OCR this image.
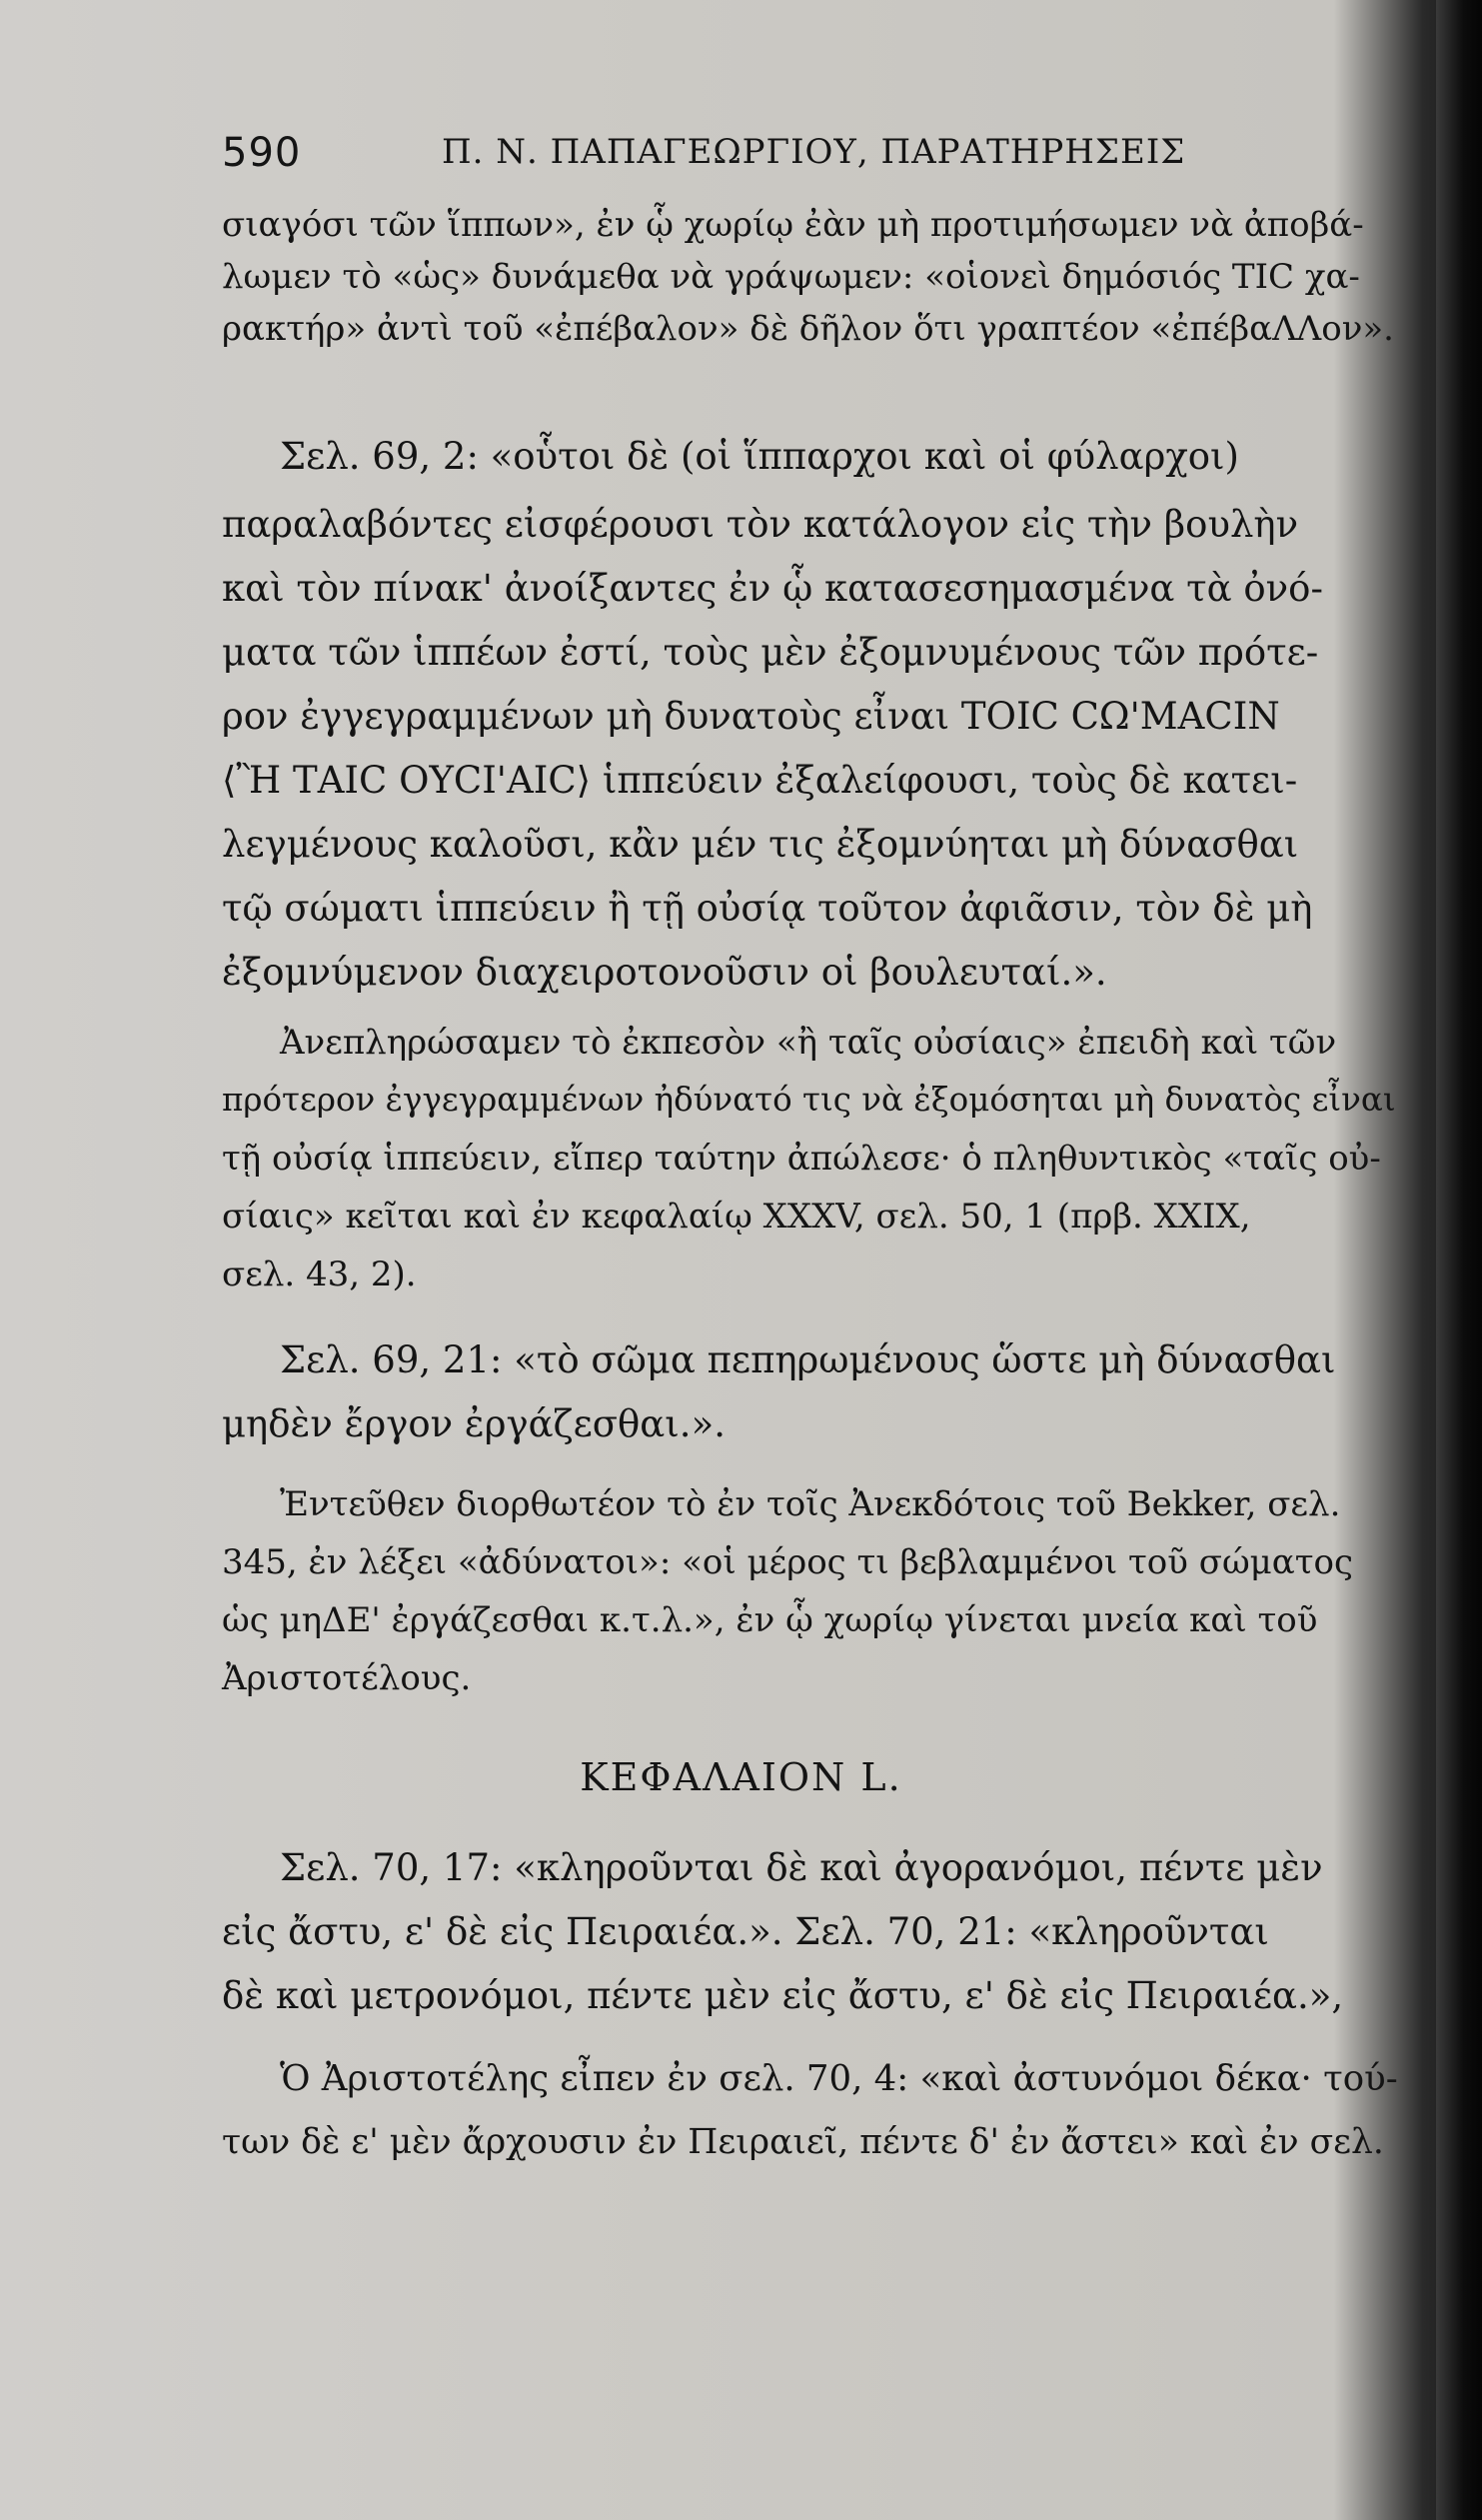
590	Π. Ν. ΠΑΠΑΓΕΩΡΓΙΟΥ, ΠΑΡΑΤΗΡΗΣΕΙΣ
σιαγόσι τῶν ἵππων», ἐν ᾧ χωρίῳ ἐὰν μὴ προτιμήσωμεν νὰ ἀποβά-
λωμεν τὸ «ὡς» δυνάμεθα νὰ γράψωμεν: «οἱονεὶ δημόσιός ΤΙC χα-
ρακτήρ» ἀντὶ τοῦ «ἐπέβαλον» δὲ δῆλον ὅτι γραπτέον «ἐπέβαΛΛον».
Σελ. 69, 2: «οὗτοι δὲ (οἱ ἵππαρχοι καὶ οἱ φύλαρχοι)
παραλαβόντες εἰσφέρουσι τὸν κατάλογον εἰς τὴν βουλὴν
καὶ τὸν πίνακ' ἀνοίξαντες ἐν ᾧ κατασεσημασμένα τὰ ὀνό-
ματα τῶν ἱππέων ἐστί, τοὺς μὲν ἐξομνυμένους τῶν πρότε-
ρον ἐγγεγραμμένων μὴ δυνατοὺς εἶναι ΤΟΙC CΩ'ΜΑCΙΝ
⟨Ἢ ΤΑΙC ΟΥCΙ'ΑΙC⟩ ἱππεύειν ἐξαλείφουσι, τοὺς δὲ κατει-
λεγμένους καλοῦσι, κἂν μέν τις ἐξομνύηται μὴ δύνασθαι
τῷ σώματι ἱππεύειν ἢ τῇ οὐσίᾳ τοῦτον ἀφιᾶσιν, τὸν δὲ μὴ
ἐξομνύμενον διαχειροτονοῦσιν οἱ βουλευταί.».
Ἀνεπληρώσαμεν τὸ ἐκπεσὸν «ἢ ταῖς οὐσίαις» ἐπειδὴ καὶ τῶν
πρότερον ἐγγεγραμμένων ἠδύνατό τις νὰ ἐξομόσηται μὴ δυνατὸς εἶναι
τῇ οὐσίᾳ ἱππεύειν, εἴπερ ταύτην ἀπώλεσε· ὁ πληθυντικὸς «ταῖς οὐ-
σίαις» κεῖται καὶ ἐν κεφαλαίῳ XXXV, σελ. 50, 1 (πρβ. XXIX,
σελ. 43, 2).
Σελ. 69, 21: «τὸ σῶμα πεπηρωμένους ὥστε μὴ δύνασθαι
μηδὲν ἔργον ἐργάζεσθαι.».
Ἐντεῦθεν διορθωτέον τὸ ἐν τοῖς Ἀνεκδότοις τοῦ Bekker, σελ.
345, ἐν λέξει «ἀδύνατοι»: «οἱ μέρος τι βεβλαμμένοι τοῦ σώματος
ὡς μηΔΕ' ἐργάζεσθαι κ.τ.λ.», ἐν ᾧ χωρίῳ γίνεται μνεία καὶ τοῦ
Ἀριστοτέλους.
ΚΕΦΑΛΑΙΟΝ L.
Σελ. 70, 17: «κληροῦνται δὲ καὶ ἀγορανόμοι, πέντε μὲν
εἰς ἄστυ, ε' δὲ εἰς Πειραιέα.». Σελ. 70, 21: «κληροῦνται
δὲ καὶ μετρονόμοι, πέντε μὲν εἰς ἄστυ, ε' δὲ εἰς Πειραιέα.»,
Ὁ Ἀριστοτέλης εἶπεν ἐν σελ. 70, 4: «καὶ ἀστυνόμοι δέκα· τού-
των δὲ ε' μὲν ἄρχουσιν ἐν Πειραιεῖ, πέντε δ' ἐν ἄστει» καὶ ἐν σελ.
